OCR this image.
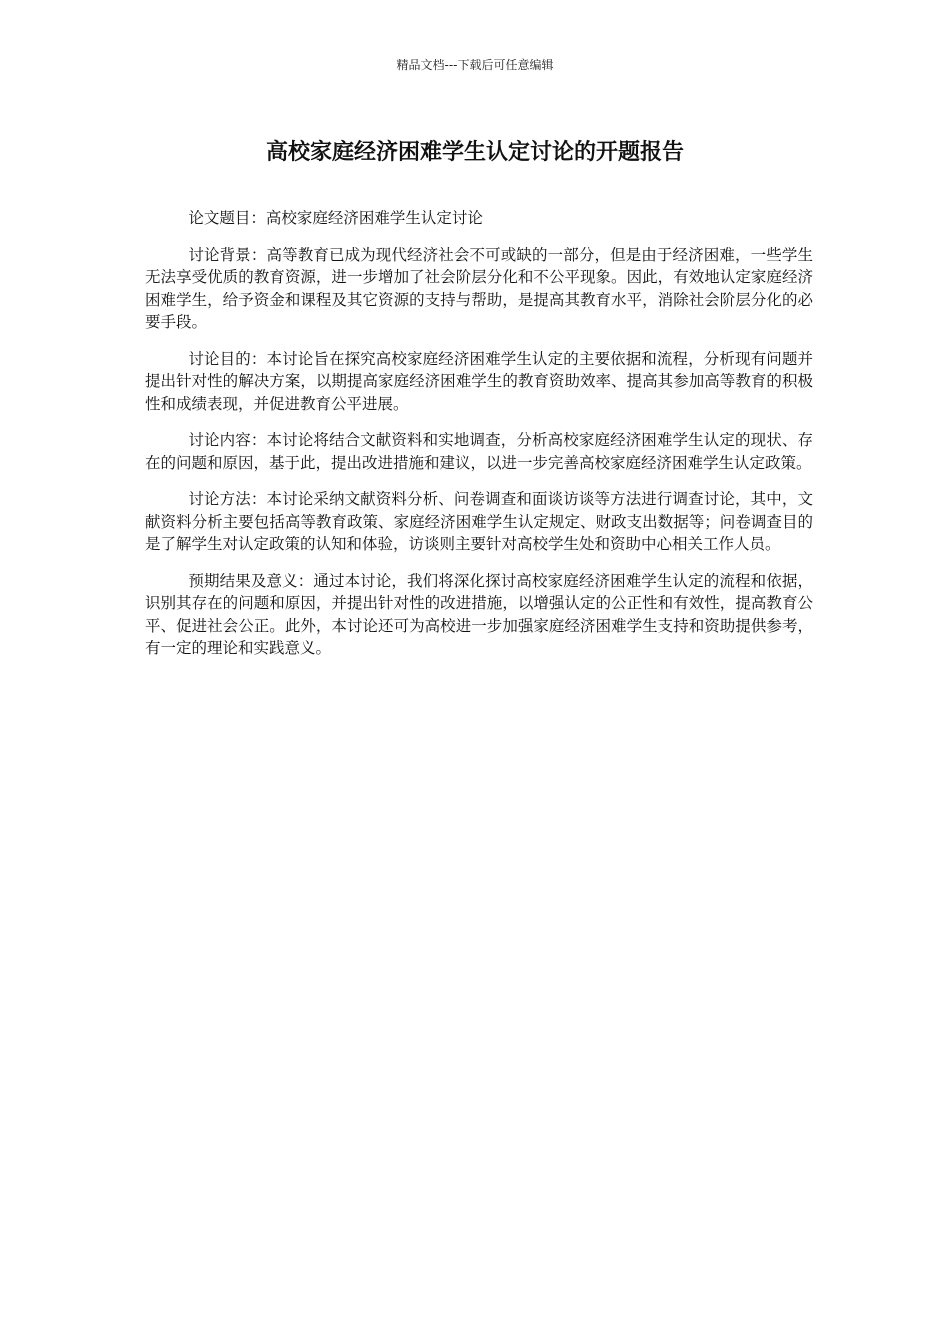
精品文档---下载后可任意编辑
高校家庭经济困难学生认定讨论的开题报告

论文题目：高校家庭经济困难学生认定讨论

讨论背景：高等教育已成为现代经济社会不可或缺的一部分，但是由于经济困难，一些学生无法享受优质的教育资源，进一步增加了社会阶层分化和不公平现象。因此，有效地认定家庭经济困难学生，给予资金和课程及其它资源的支持与帮助，是提高其教育水平，消除社会阶层分化的必要手段。

讨论目的：本讨论旨在探究高校家庭经济困难学生认定的主要依据和流程，分析现有问题并提出针对性的解决方案，以期提高家庭经济困难学生的教育资助效率、提高其参加高等教育的积极性和成绩表现，并促进教育公平进展。

讨论内容：本讨论将结合文献资料和实地调查，分析高校家庭经济困难学生认定的现状、存在的问题和原因，基于此，提出改进措施和建议，以进一步完善高校家庭经济困难学生认定政策。

讨论方法：本讨论采纳文献资料分析、问卷调查和面谈访谈等方法进行调查讨论，其中，文献资料分析主要包括高等教育政策、家庭经济困难学生认定规定、财政支出数据等；问卷调查目的是了解学生对认定政策的认知和体验，访谈则主要针对高校学生处和资助中心相关工作人员。

预期结果及意义：通过本讨论，我们将深化探讨高校家庭经济困难学生认定的流程和依据，识别其存在的问题和原因，并提出针对性的改进措施，以增强认定的公正性和有效性，提高教育公平、促进社会公正。此外，本讨论还可为高校进一步加强家庭经济困难学生支持和资助提供参考，有一定的理论和实践意义。
